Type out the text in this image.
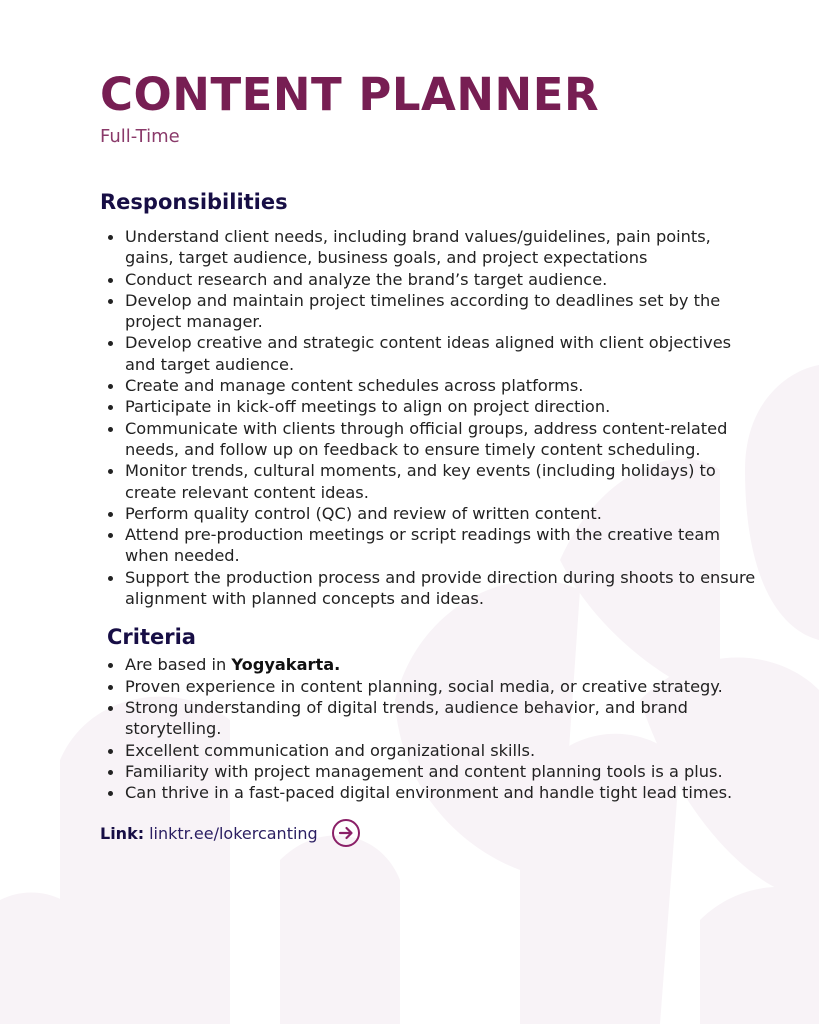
CONTENT PLANNER
Full-Time
Responsibilities
Understand client needs, including brand values/guidelines, pain points, gains, target audience, business goals, and project expectations
Conduct research and analyze the brand’s target audience.
Develop and maintain project timelines according to deadlines set by the project manager.
Develop creative and strategic content ideas aligned with client objectives and target audience.
Create and manage content schedules across platforms.
Participate in kick-off meetings to align on project direction.
Communicate with clients through official groups, address content-related needs, and follow up on feedback to ensure timely content scheduling.
Monitor trends, cultural moments, and key events (including holidays) to create relevant content ideas.
Perform quality control (QC) and review of written content.
Attend pre-production meetings or script readings with the creative team when needed.
Support the production process and provide direction during shoots to ensure alignment with planned concepts and ideas.
Criteria
Are based in Yogyakarta.
Proven experience in content planning, social media, or creative strategy.
Strong understanding of digital trends, audience behavior, and brand storytelling.
Excellent communication and organizational skills.
Familiarity with project management and content planning tools is a plus.
Can thrive in a fast-paced digital environment and handle tight lead times.
Link: linktr.ee/lokercanting
